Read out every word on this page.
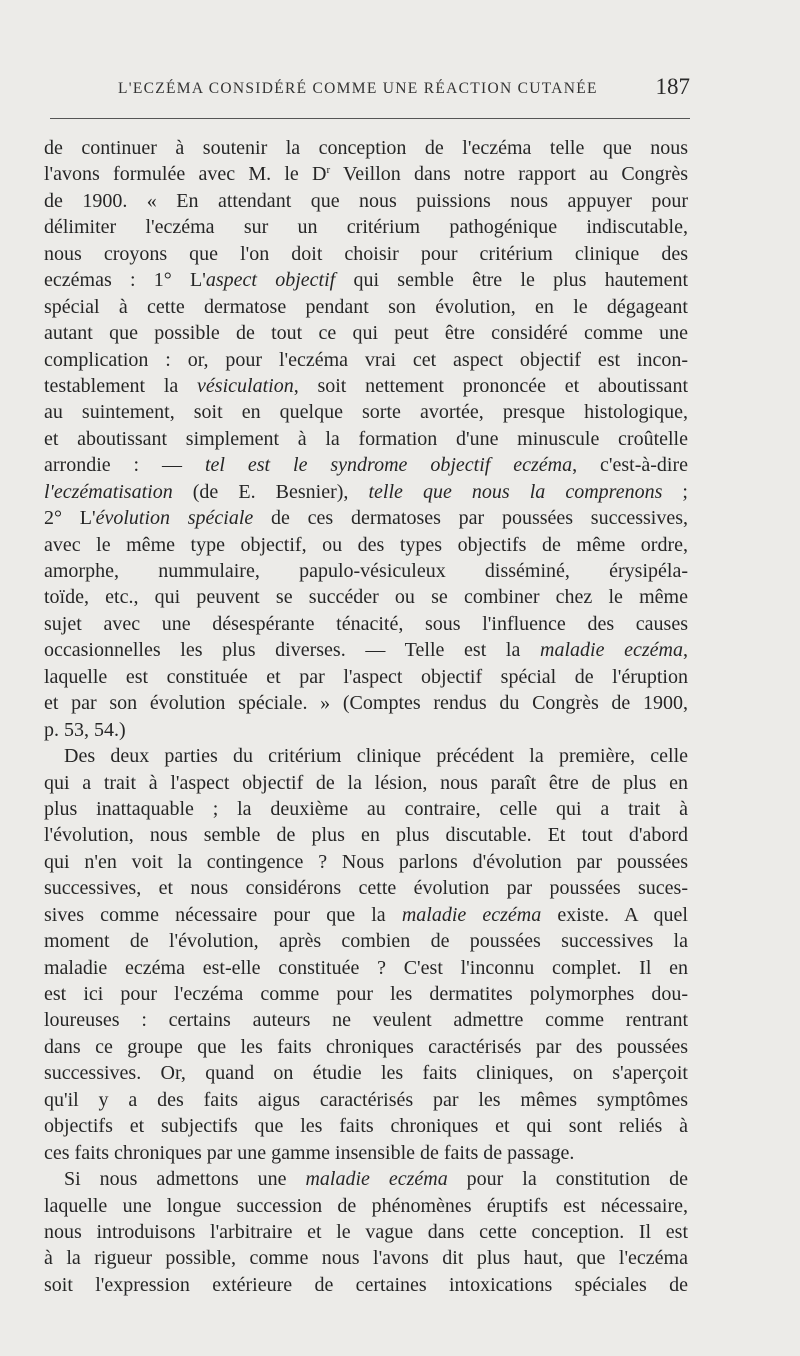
L'ECZÉMA CONSIDÉRÉ COMME UNE RÉACTION CUTANÉE	187
de continuer à soutenir la conception de l'eczéma telle que nous
l'avons formulée avec M. le $D^r$ Veillon dans notre rapport au Congrès
de 1900. « En attendant que nous puissions nous appuyer pour
délimiter l'eczéma sur un critérium pathogénique indiscutable,
nous croyons que l'on doit choisir pour critérium clinique des
eczémas : 1° L'aspect objectif qui semble être le plus hautement
spécial à cette dermatose pendant son évolution, en le dégageant
autant que possible de tout ce qui peut être considéré comme une
complication : or, pour l'eczéma vrai cet aspect objectif est incon-
testablement la vésiculation, soit nettement prononcée et aboutissant
au suintement, soit en quelque sorte avortée, presque histologique,
et aboutissant simplement à la formation d'une minuscule croûtelle
arrondie : — tel est le syndrome objectif eczéma, c'est-à-dire
l'eczématisation (de E. Besnier), telle que nous la comprenons ;
2° L'évolution spéciale de ces dermatoses par poussées successives,
avec le même type objectif, ou des types objectifs de même ordre,
amorphe, nummulaire, papulo-vésiculeux disséminé, érysipéla-
toïde, etc., qui peuvent se succéder ou se combiner chez le même
sujet avec une désespérante ténacité, sous l'influence des causes
occasionnelles les plus diverses. — Telle est la maladie eczéma,
laquelle est constituée et par l'aspect objectif spécial de l'éruption
et par son évolution spéciale. » (Comptes rendus du Congrès de 1900,
p. 53, 54.)
Des deux parties du critérium clinique précédent la première, celle
qui a trait à l'aspect objectif de la lésion, nous paraît être de plus en
plus inattaquable ; la deuxième au contraire, celle qui a trait à
l'évolution, nous semble de plus en plus discutable. Et tout d'abord
qui n'en voit la contingence ? Nous parlons d'évolution par poussées
successives, et nous considérons cette évolution par poussées suces-
sives comme nécessaire pour que la maladie eczéma existe. A quel
moment de l'évolution, après combien de poussées successives la
maladie eczéma est-elle constituée ? C'est l'inconnu complet. Il en
est ici pour l'eczéma comme pour les dermatites polymorphes dou-
loureuses : certains auteurs ne veulent admettre comme rentrant
dans ce groupe que les faits chroniques caractérisés par des poussées
successives. Or, quand on étudie les faits cliniques, on s'aperçoit
qu'il y a des faits aigus caractérisés par les mêmes symptômes
objectifs et subjectifs que les faits chroniques et qui sont reliés à
ces faits chroniques par une gamme insensible de faits de passage.
Si nous admettons une maladie eczéma pour la constitution de
laquelle une longue succession de phénomènes éruptifs est nécessaire,
nous introduisons l'arbitraire et le vague dans cette conception. Il est
à la rigueur possible, comme nous l'avons dit plus haut, que l'eczéma
soit l'expression extérieure de certaines intoxications spéciales de
